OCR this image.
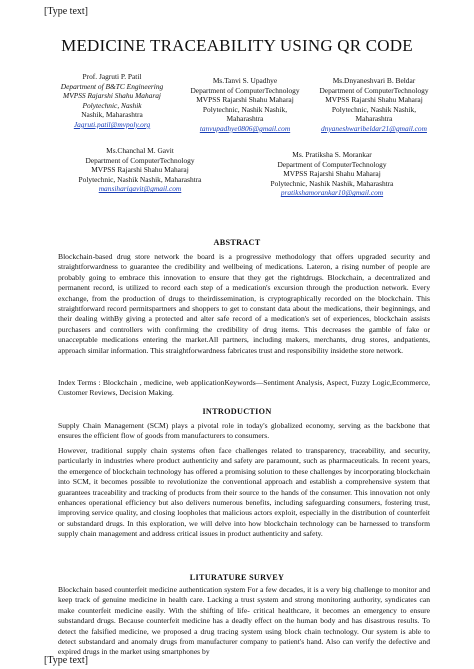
[Type text]
MEDICINE TRACEABILITY USING QR CODE
Prof. Jagruti P. Patil
Department of B&TC Engineering
MVPSS Rajarshi Shahu Maharaj
Polytechnic, Nashik
Nashik, Maharashtra
Jagruti.patil@mvpoly.org
Ms.Tanvi S. Upadhye
Department of ComputerTechnology
MVPSS Rajarshi Shahu Maharaj
Polytechnic, Nashik Nashik,
Maharashtra
tanvupadhye0806@gmail.com
Ms.Dnyaneshvari B. Beldar
Department of ComputerTechnology
MVPSS Rajarshi Shahu Maharaj
Polytechnic, Nashik Nashik,
Maharashtra
dnyaneshwaribeldar21@gmail.com
Ms.Chanchal M. Gavit
Department of ComputerTechnology
MVPSS Rajarshi Shahu Maharaj
Polytechnic, Nashik Nashik, Maharashtra
mansiharigavit@gmail.com
Ms. Pratiksha S. Morankar
Department of ComputerTechnology
MVPSS Rajarshi Shahu Maharaj
Polytechnic, Nashik Nashik, Maharashtra
pratikshamorankar10@gmail.com
ABSTRACT
Blockchain-based drug store network the board is a progressive methodology that offers upgraded security and straightforwardness to guarantee the credibility and wellbeing of medications. Lateron, a rising number of people are probably going to embrace this innovation to ensure that they get the rightdrugs. Blockchain, a decentralized and permanent record, is utilized to record each step of a medication's excursion through the production network. Every exchange, from the production of drugs to theirdissemination, is cryptographically recorded on the blockchain. This straightforward record permitspartners and shoppers to get to constant data about the medications, their beginnings, and their dealing withBy giving a protected and alter safe record of a medication's set of experiences, blockchain assists purchasers and controllers with confirming the credibility of drug items. This decreases the gamble of fake or unacceptable medications entering the market.All partners, including makers, merchants, drug stores, andpatients, approach similar information. This straightforwardness fabricates trust and responsibility insidethe store network.
Index Terms : Blockchain , medicine, web applicationKeywords—Sentiment Analysis, Aspect, Fuzzy Logic,Ecommerce, Customer Reviews, Decision Making.
INTRODUCTION
Supply Chain Management (SCM) plays a pivotal role in today's globalized economy, serving as the backbone that ensures the efficient flow of goods from manufacturers to consumers.
However, traditional supply chain systems often face challenges related to transparency, traceability, and security, particularly in industries where product authenticity and safety are paramount, such as pharmaceuticals. In recent years, the emergence of blockchain technology has offered a promising solution to these challenges by incorporating blockchain into SCM, it becomes possible to revolutionize the conventional approach and establish a comprehensive system that guarantees traceability and tracking of products from their source to the hands of the consumer. This innovation not only enhances operational efficiency but also delivers numerous benefits, including safeguarding consumers, fostering trust, improving service quality, and closing loopholes that malicious actors exploit, especially in the distribution of counterfeit or substandard drugs. In this exploration, we will delve into how blockchain technology can be harnessed to transform supply chain management and address critical issues in product authenticity and safety.
LITURATURE SURVEY
Blockchain based counterfeit medicine authentication system For a few decades, it is a very big challenge to monitor and keep track of genuine medicine in health care. Lacking a trust system and strong monitoring authority, syndicates can make counterfeit medicine easily. With the shifting of life- critical healthcare, it becomes an emergency to ensure substandard drugs. Because counterfeit medicine has a deadly effect on the human body and has disastrous results. To detect the falsified medicine, we proposed a drug tracing system using block chain technology. Our system is able to detect substandard and anomaly drugs from manufacturer company to patient's hand. Also can verify the defective and expired drugs in the market using smartphones by
[Type text]
